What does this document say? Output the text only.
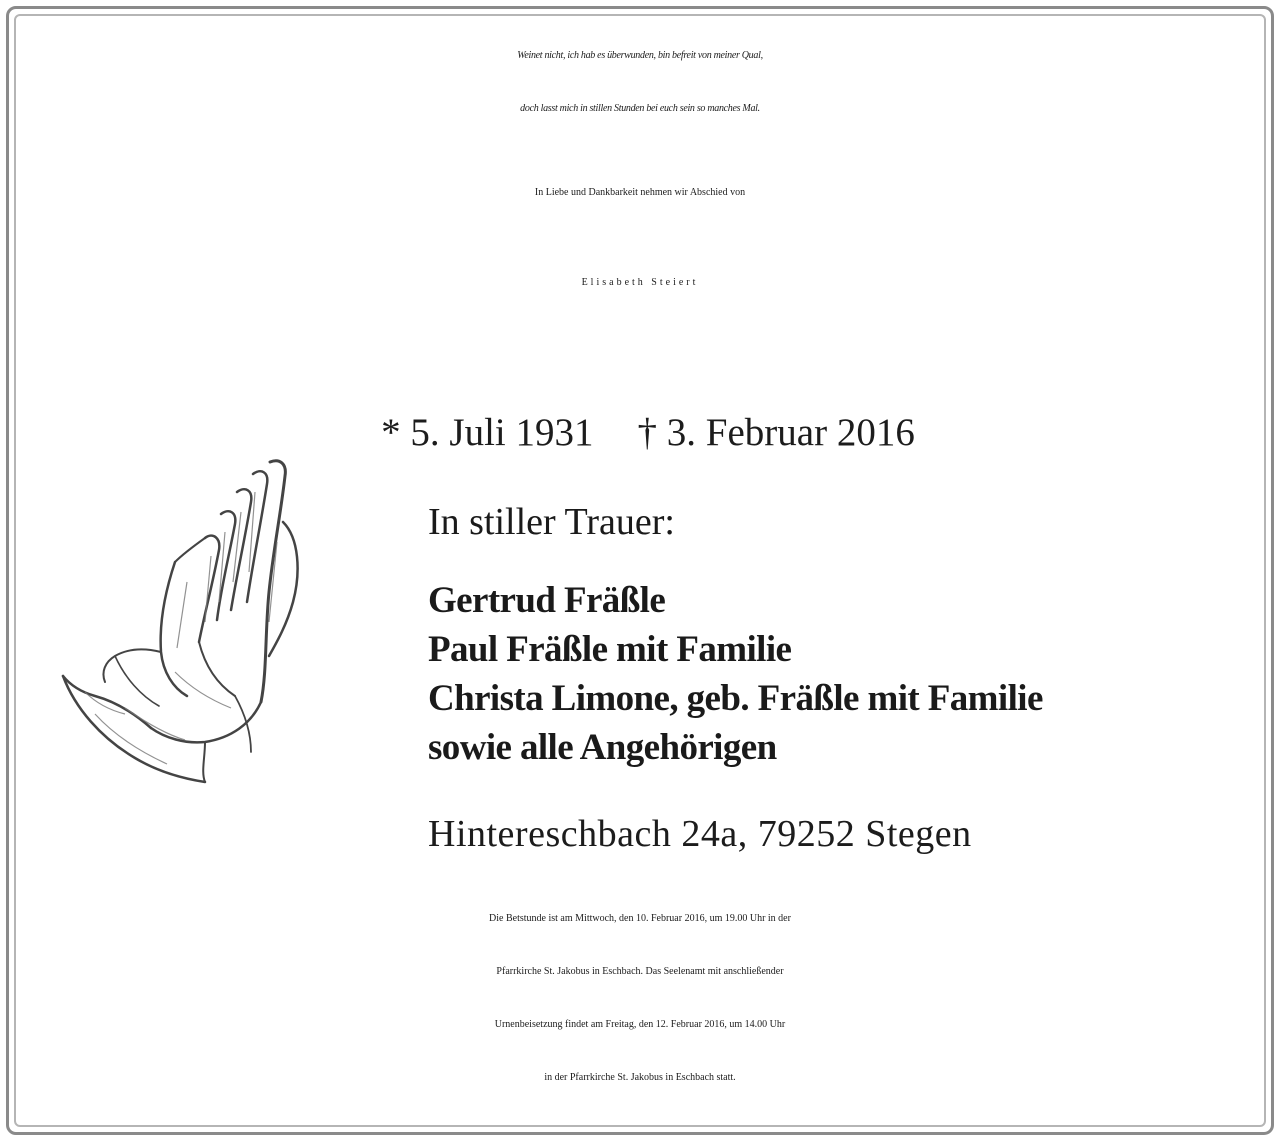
Weinet nicht, ich hab es überwunden, bin befreit von meiner Qual,
doch lasst mich in stillen Stunden bei euch sein so manches Mal.
In Liebe und Dankbarkeit nehmen wir Abschied von
Elisabeth Steiert
* 5. Juli 1931 † 3. Februar 2016
In stiller Trauer:
Gertrud Fräßle
Paul Fräßle mit Familie
Christa Limone, geb. Fräßle mit Familie
sowie alle Angehörigen
Hintereschbach 24a, 79252 Stegen
Die Betstunde ist am Mittwoch, den 10. Februar 2016, um 19.00 Uhr in der
Pfarrkirche St. Jakobus in Eschbach. Das Seelenamt mit anschließender
Urnenbeisetzung findet am Freitag, den 12. Februar 2016, um 14.00 Uhr
in der Pfarrkirche St. Jakobus in Eschbach statt.
